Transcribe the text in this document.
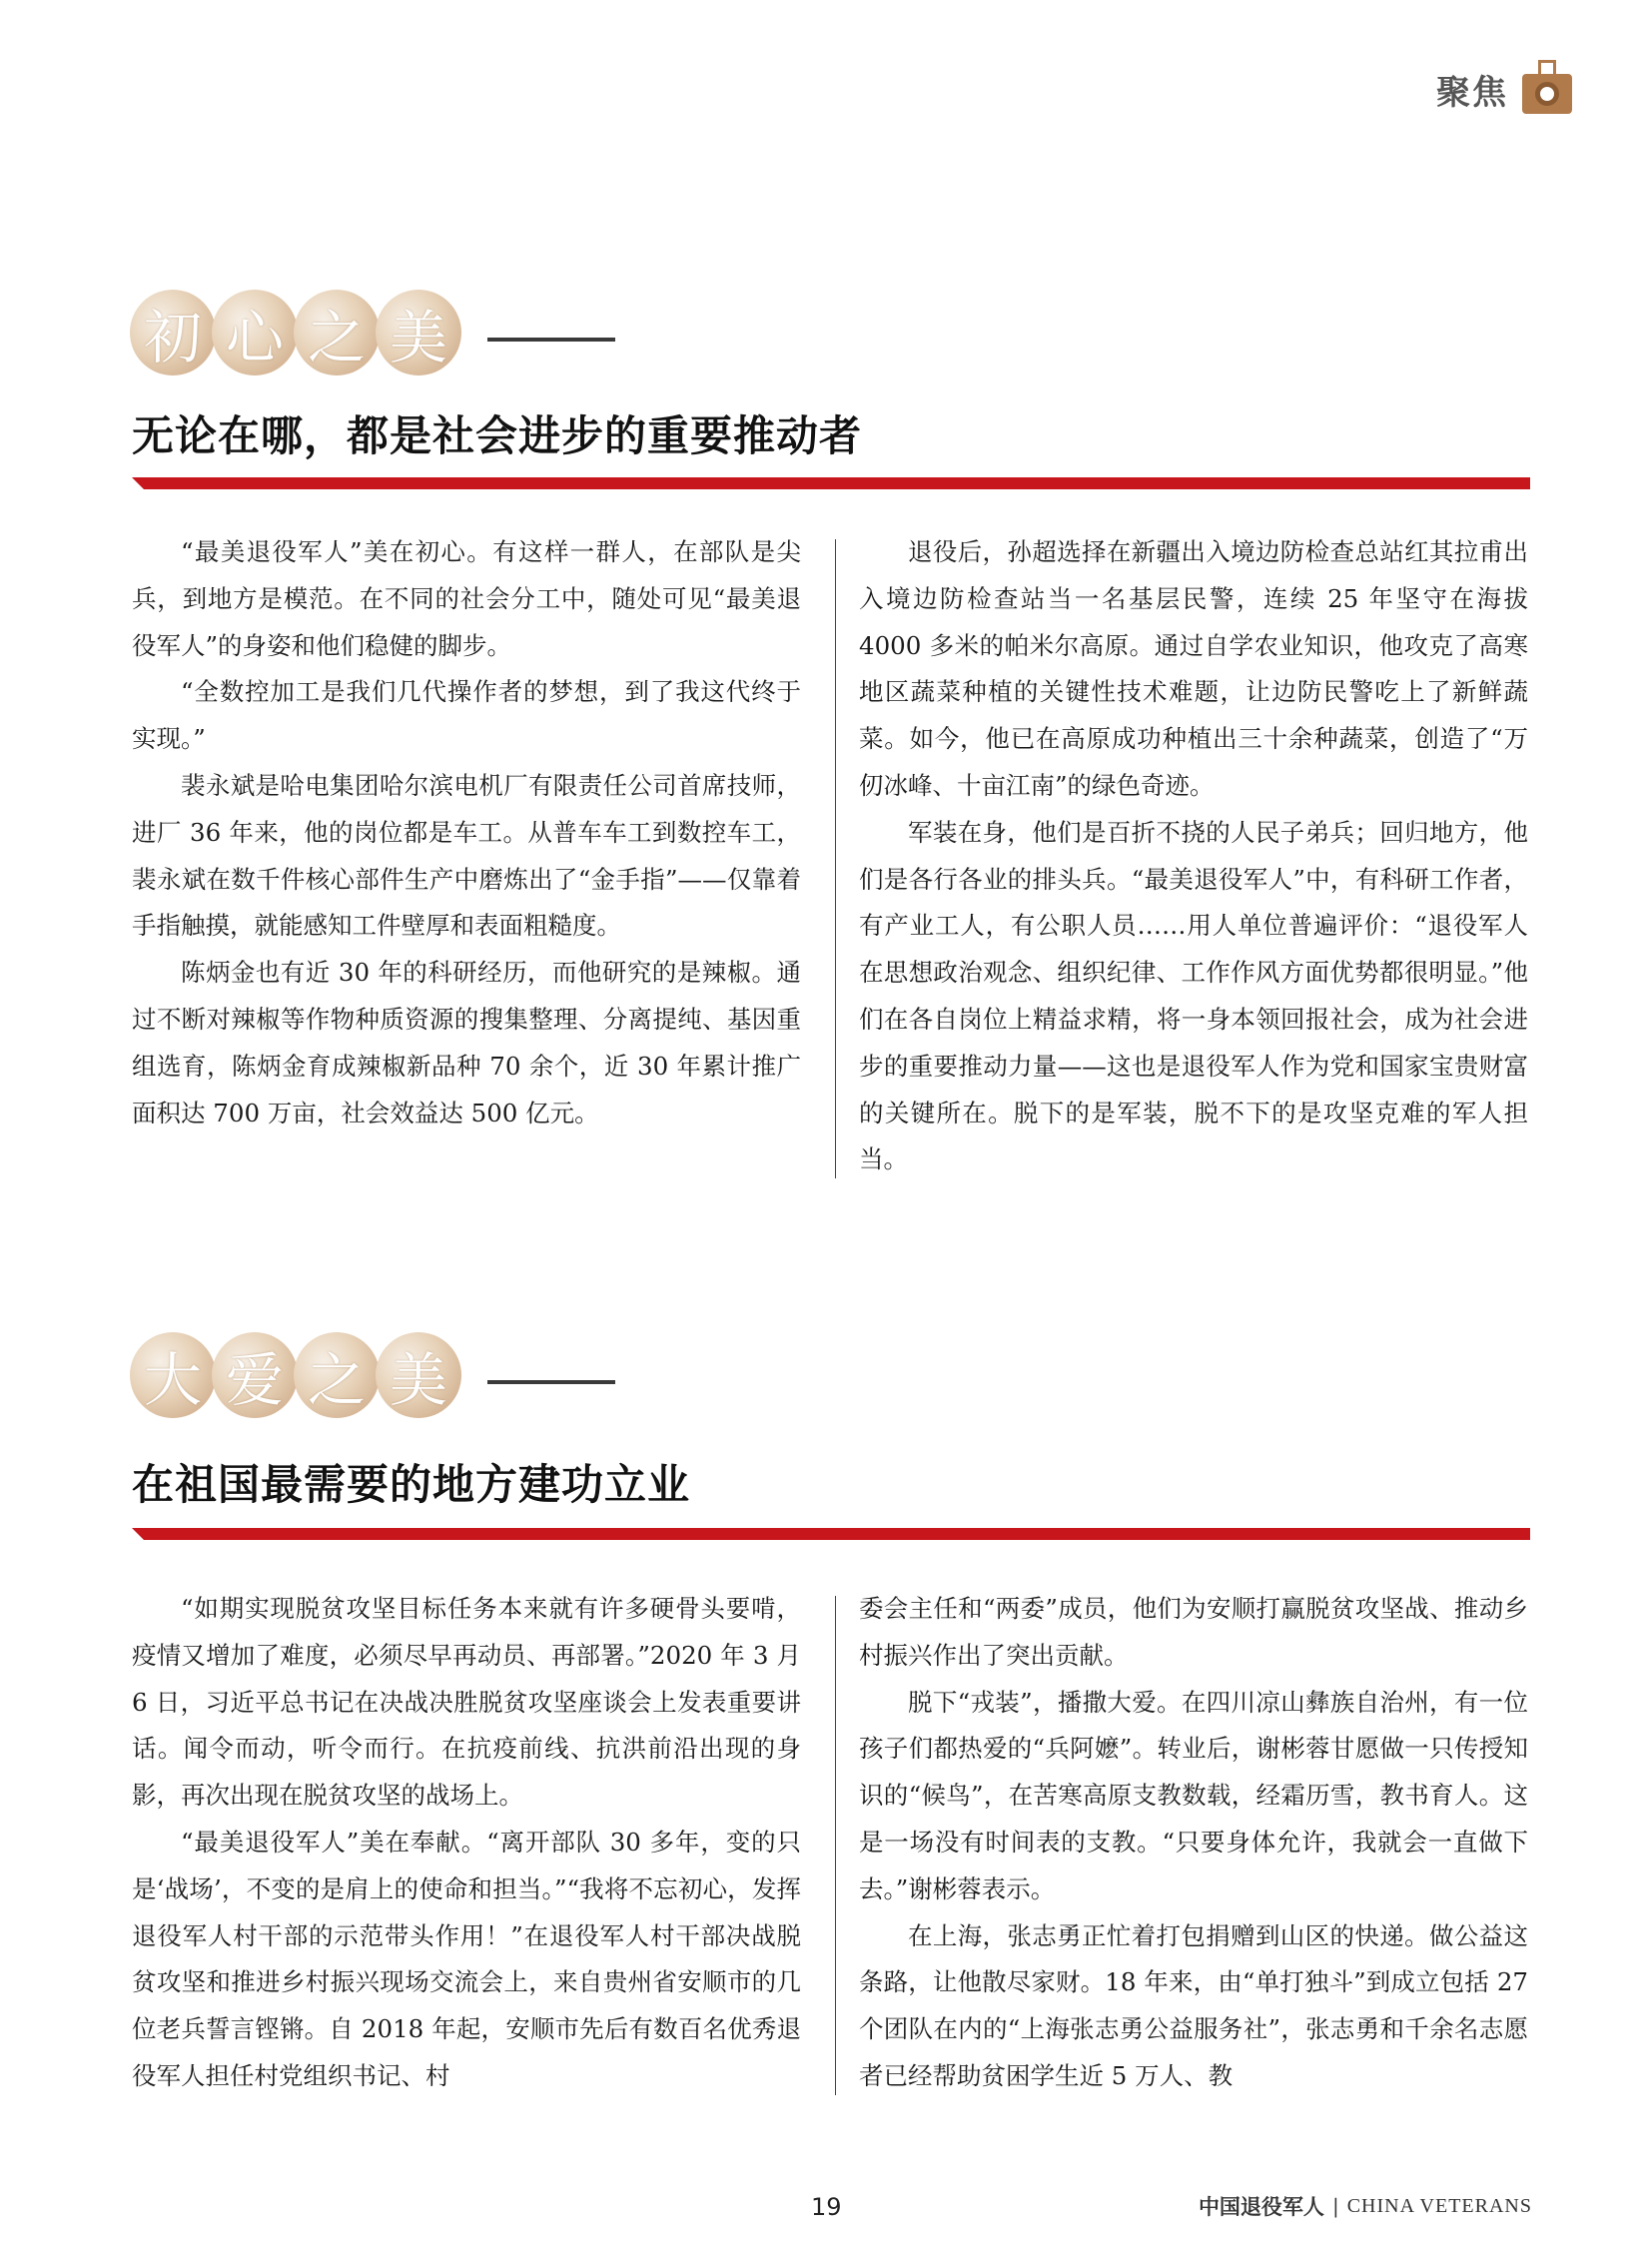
聚焦
初 心 之 美
无论在哪，都是社会进步的重要推动者

“最美退役军人”美在初心。有这样一群人，在部队是尖兵，到地方是模范。在不同的社会分工中，随处可见“最美退役军人”的身姿和他们稳健的脚步。

“全数控加工是我们几代操作者的梦想，到了我这代终于实现。”

裴永斌是哈电集团哈尔滨电机厂有限责任公司首席技师，进厂 36 年来，他的岗位都是车工。从普车车工到数控车工，裴永斌在数千件核心部件生产中磨炼出了“金手指”——仅靠着手指触摸，就能感知工件壁厚和表面粗糙度。

陈炳金也有近 30 年的科研经历，而他研究的是辣椒。通过不断对辣椒等作物种质资源的搜集整理、分离提纯、基因重组选育，陈炳金育成辣椒新品种 70 余个，近 30 年累计推广面积达 700 万亩，社会效益达 500 亿元。

退役后，孙超选择在新疆出入境边防检查总站红其拉甫出入境边防检查站当一名基层民警，连续 25 年坚守在海拔 4000 多米的帕米尔高原。通过自学农业知识，他攻克了高寒地区蔬菜种植的关键性技术难题，让边防民警吃上了新鲜蔬菜。如今，他已在高原成功种植出三十余种蔬菜，创造了“万仞冰峰、十亩江南”的绿色奇迹。

军装在身，他们是百折不挠的人民子弟兵；回归地方，他们是各行各业的排头兵。“最美退役军人”中，有科研工作者，有产业工人，有公职人员……用人单位普遍评价：“退役军人在思想政治观念、组织纪律、工作作风方面优势都很明显。”他们在各自岗位上精益求精，将一身本领回报社会，成为社会进步的重要推动力量——这也是退役军人作为党和国家宝贵财富的关键所在。脱下的是军装，脱不下的是攻坚克难的军人担当。

大 爱 之 美
在祖国最需要的地方建功立业

“如期实现脱贫攻坚目标任务本来就有许多硬骨头要啃，疫情又增加了难度，必须尽早再动员、再部署。”2020 年 3 月 6 日，习近平总书记在决战决胜脱贫攻坚座谈会上发表重要讲话。闻令而动，听令而行。在抗疫前线、抗洪前沿出现的身影，再次出现在脱贫攻坚的战场上。

“最美退役军人”美在奉献。“离开部队 30 多年，变的只是‘战场’，不变的是肩上的使命和担当。”“我将不忘初心，发挥退役军人村干部的示范带头作用！”在退役军人村干部决战脱贫攻坚和推进乡村振兴现场交流会上，来自贵州省安顺市的几位老兵誓言铿锵。自 2018 年起，安顺市先后有数百名优秀退役军人担任村党组织书记、村

委会主任和“两委”成员，他们为安顺打赢脱贫攻坚战、推动乡村振兴作出了突出贡献。

脱下“戎装”，播撒大爱。在四川凉山彝族自治州，有一位孩子们都热爱的“兵阿嬷”。转业后，谢彬蓉甘愿做一只传授知识的“候鸟”，在苦寒高原支教数载，经霜历雪，教书育人。这是一场没有时间表的支教。“只要身体允许，我就会一直做下去。”谢彬蓉表示。

在上海，张志勇正忙着打包捐赠到山区的快递。做公益这条路，让他散尽家财。18 年来，由“单打独斗”到成立包括 27 个团队在内的“上海张志勇公益服务社”，张志勇和千余名志愿者已经帮助贫困学生近 5 万人、教

19	中国退役军人 | CHINA VETERANS
